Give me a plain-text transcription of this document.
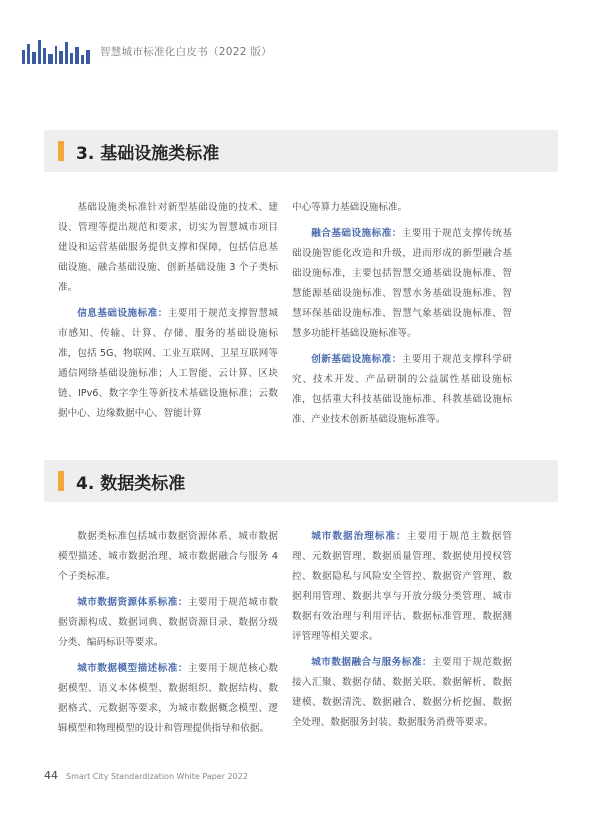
智慧城市标准化白皮书（2022 版）
3. 基础设施类标准

基础设施类标准针对新型基础设施的技术、建设、管理等提出规范和要求，切实为智慧城市项目建设和运营基础服务提供支撑和保障，包括信息基础设施、融合基础设施、创新基础设施 3 个子类标准。

信息基础设施标准：主要用于规范支撑智慧城市感知、传输、计算、存储、服务的基础设施标准，包括 5G、物联网、工业互联网、卫星互联网等通信网络基础设施标准；人工智能、云计算、区块链、IPv6、数字孪生等新技术基础设施标准；云数据中心、边缘数据中心、智能计算

中心等算力基础设施标准。

融合基础设施标准：主要用于规范支撑传统基础设施智能化改造和升级，进而形成的新型融合基础设施标准，主要包括智慧交通基础设施标准、智慧能源基础设施标准、智慧水务基础设施标准、智慧环保基础设施标准、智慧气象基础设施标准、智慧多功能杆基础设施标准等。

创新基础设施标准：主要用于规范支撑科学研究、技术开发、产品研制的公益属性基础设施标准，包括重大科技基础设施标准、科教基础设施标准、产业技术创新基础设施标准等。

4. 数据类标准

数据类标准包括城市数据资源体系、城市数据模型描述、城市数据治理、城市数据融合与服务 4 个子类标准。

城市数据资源体系标准：主要用于规范城市数据资源构成、数据词典、数据资源目录、数据分级分类、编码标识等要求。

城市数据模型描述标准：主要用于规范核心数据模型、语义本体模型、数据组织、数据结构、数据格式、元数据等要求，为城市数据概念模型、逻辑模型和物理模型的设计和管理提供指导和依据。

城市数据治理标准：主要用于规范主数据管理、元数据管理、数据质量管理、数据使用授权管控、数据隐私与风险安全管控、数据资产管理、数据利用管理、数据共享与开放分级分类管理、城市数据有效治理与利用评估、数据标准管理、数据测评管理等相关要求。

城市数据融合与服务标准：主要用于规范数据接入汇聚、数据存储、数据关联、数据解析、数据建模、数据清洗、数据融合、数据分析挖掘、数据全处理、数据服务封装、数据服务消费等要求。

44 Smart City Standardization White Paper 2022
